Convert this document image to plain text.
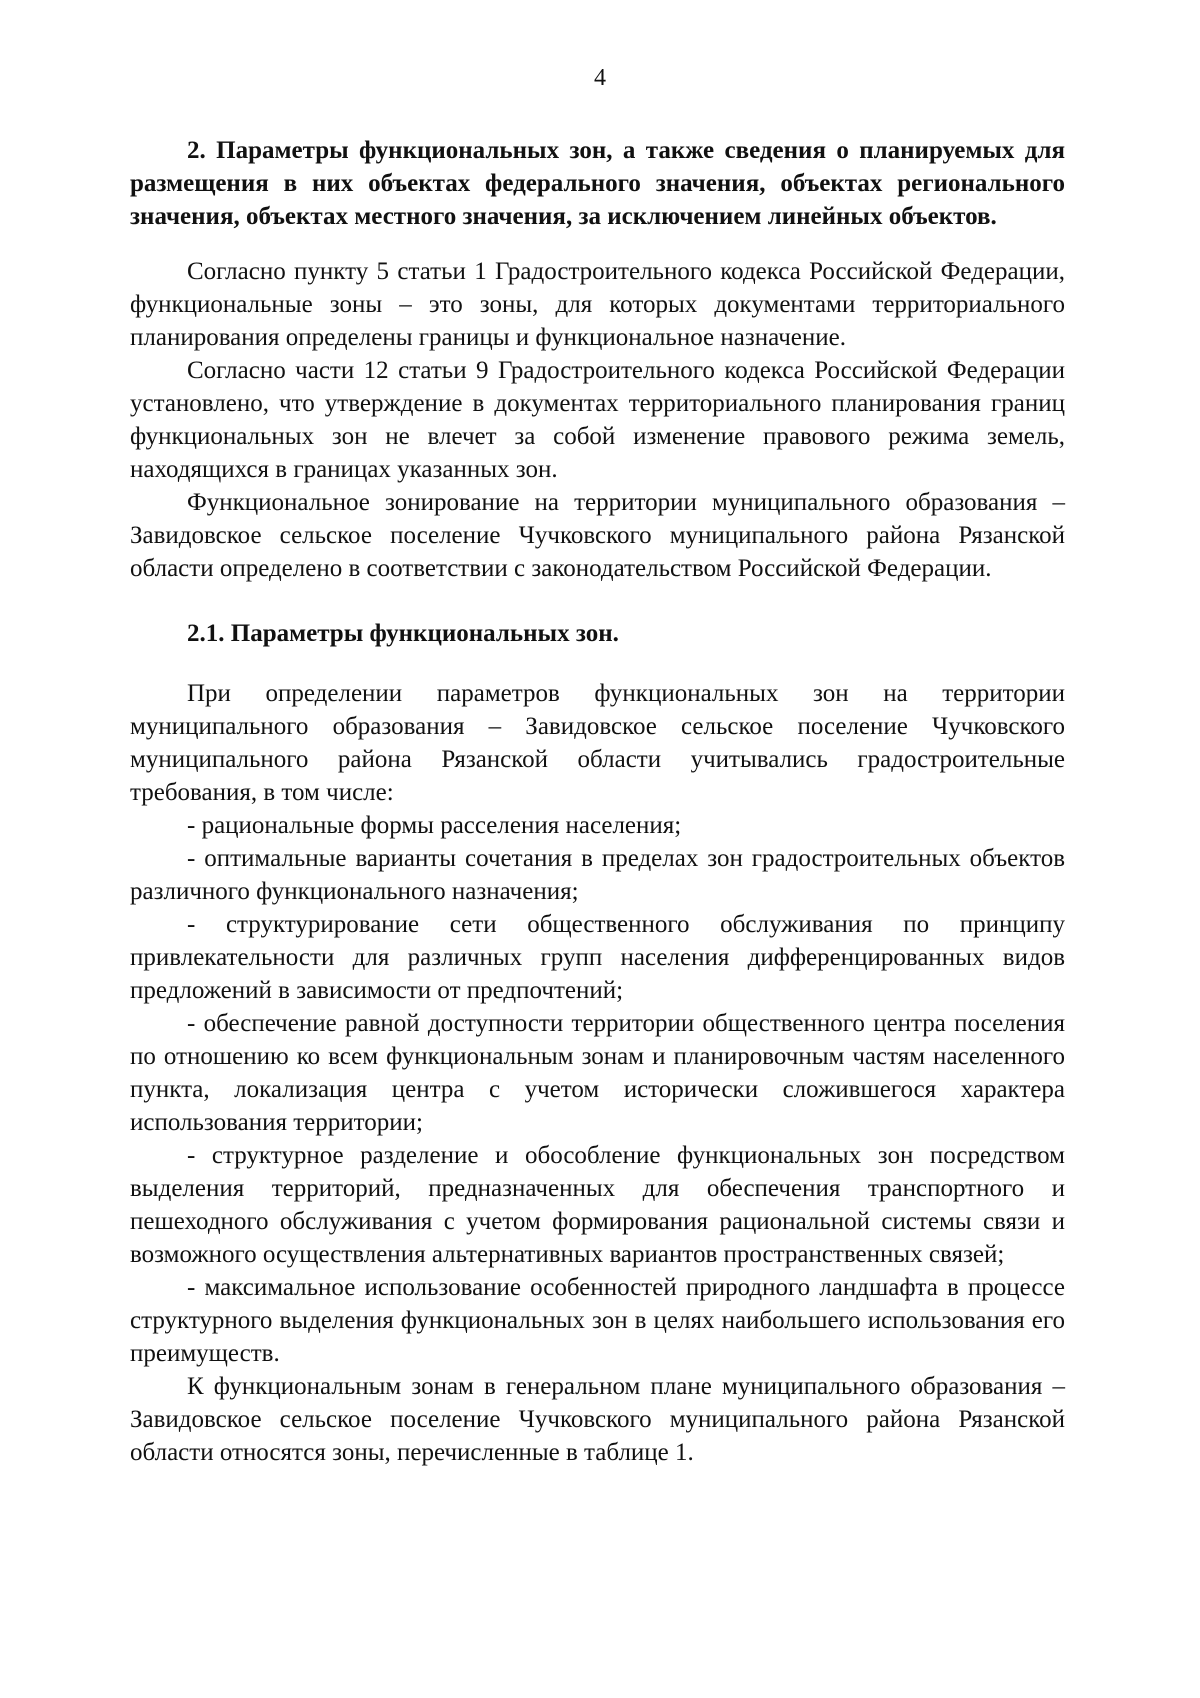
4
2. Параметры функциональных зон, а также сведения о планируемых для размещения в них объектах федерального значения, объектах регионального значения, объектах местного значения, за исключением линейных объектов.

Согласно пункту 5 статьи 1 Градостроительного кодекса Российской Федерации, функциональные зоны – это зоны, для которых документами территориального планирования определены границы и функциональное назначение.

Согласно части 12 статьи 9 Градостроительного кодекса Российской Федерации установлено, что утверждение в документах территориального планирования границ функциональных зон не влечет за собой изменение правового режима земель, находящихся в границах указанных зон.

Функциональное зонирование на территории муниципального образования – Завидовское сельское поселение Чучковского муниципального района Рязанской области определено в соответствии с законодательством Российской Федерации.

2.1. Параметры функциональных зон.

При определении параметров функциональных зон на территории муниципального образования – Завидовское сельское поселение Чучковского муниципального района Рязанской области учитывались градостроительные требования, в том числе:

- рациональные формы расселения населения;

- оптимальные варианты сочетания в пределах зон градостроительных объектов различного функционального назначения;

- структурирование сети общественного обслуживания по принципу привлекательности для различных групп населения дифференцированных видов предложений в зависимости от предпочтений;

- обеспечение равной доступности территории общественного центра поселения по отношению ко всем функциональным зонам и планировочным частям населенного пункта, локализация центра с учетом исторически сложившегося характера использования территории;

- структурное разделение и обособление функциональных зон посредством выделения территорий, предназначенных для обеспечения транспортного и пешеходного обслуживания с учетом формирования рациональной системы связи и возможного осуществления альтернативных вариантов пространственных связей;

- максимальное использование особенностей природного ландшафта в процессе структурного выделения функциональных зон в целях наибольшего использования его преимуществ.

К функциональным зонам в генеральном плане муниципального образования – Завидовское сельское поселение Чучковского муниципального района Рязанской области относятся зоны, перечисленные в таблице 1.
